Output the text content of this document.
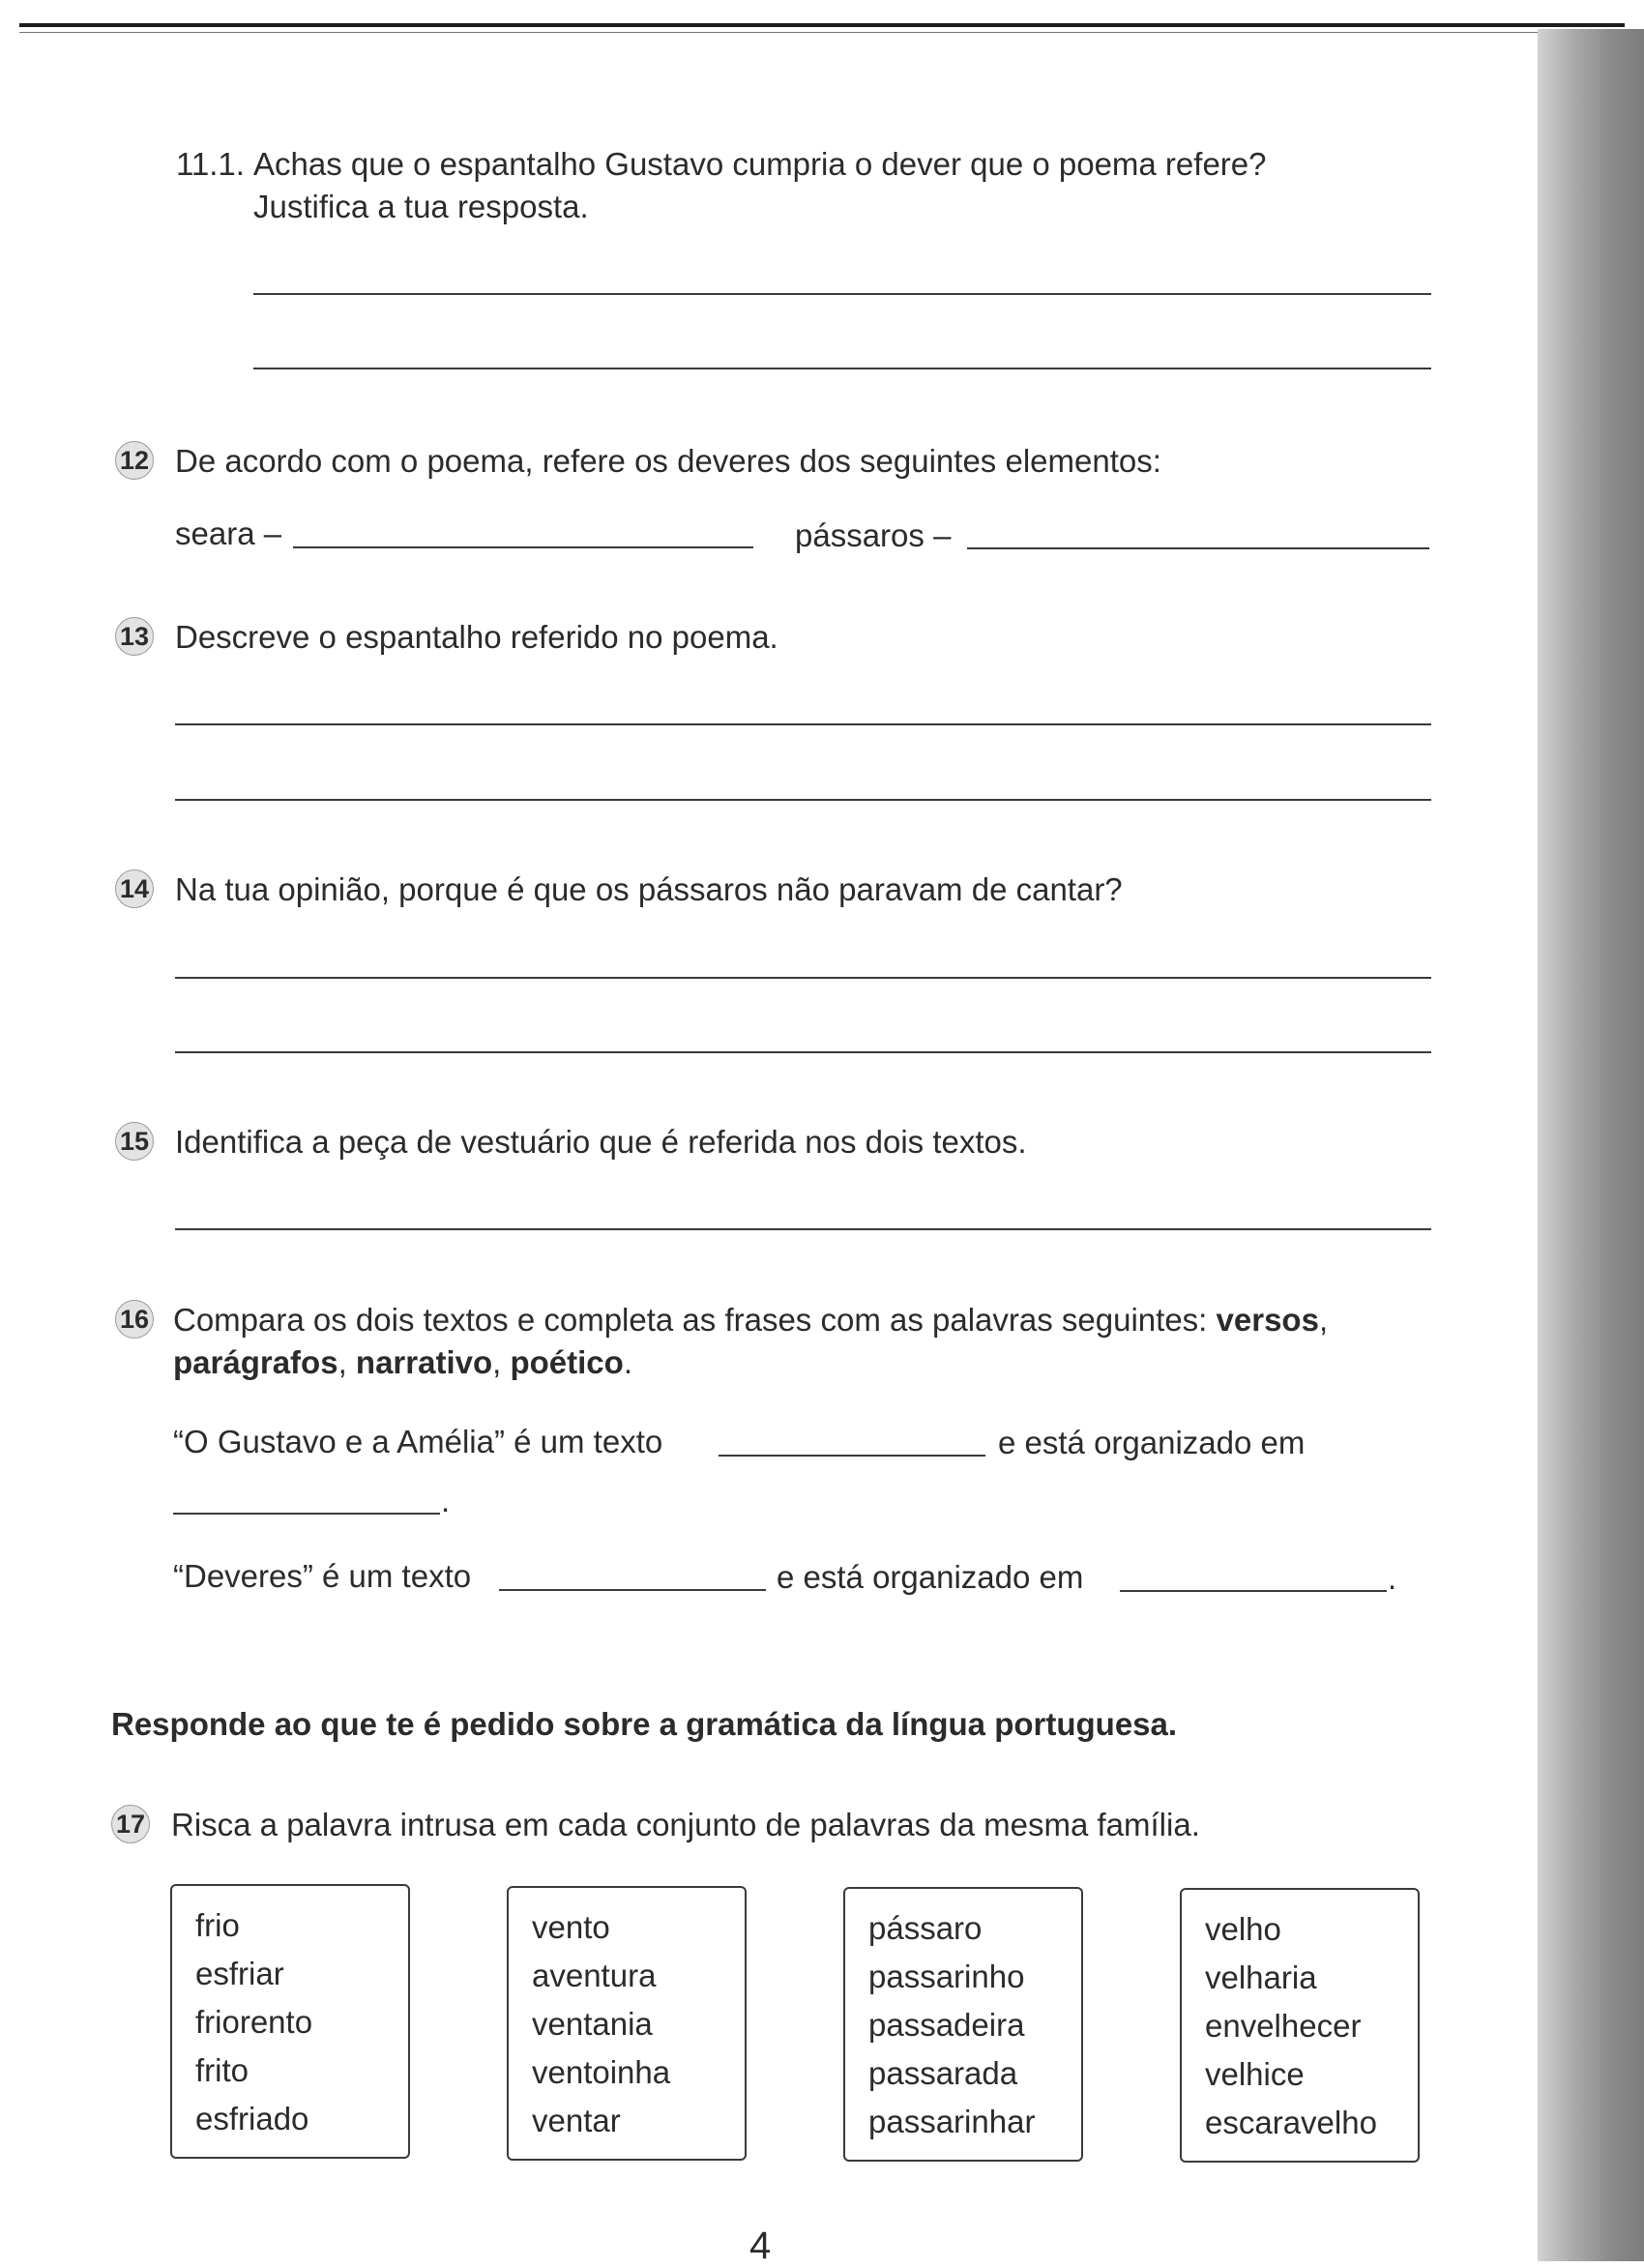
11.1. Achas que o espantalho Gustavo cumpria o dever que o poema refere?
Justifica a tua resposta.
12 De acordo com o poema, refere os deveres dos seguintes elementos:
seara –	pássaros –
13 Descreve o espantalho referido no poema.
14 Na tua opinião, porque é que os pássaros não paravam de cantar?
15 Identifica a peça de vestuário que é referida nos dois textos.
16 Compara os dois textos e completa as frases com as palavras seguintes: versos,
parágrafos, narrativo, poético.
“O Gustavo e a Amélia” é um texto	e está organizado em
.
“Deveres” é um texto	e está organizado em	.
Responde ao que te é pedido sobre a gramática da língua portuguesa.
17 Risca a palavra intrusa em cada conjunto de palavras da mesma família.
frio
esfriar
friorento
frito
esfriado
vento
aventura
ventania
ventoinha
ventar
pássaro
passarinho
passadeira
passarada
passarinhar
velho
velharia
envelhecer
velhice
escaravelho
4
